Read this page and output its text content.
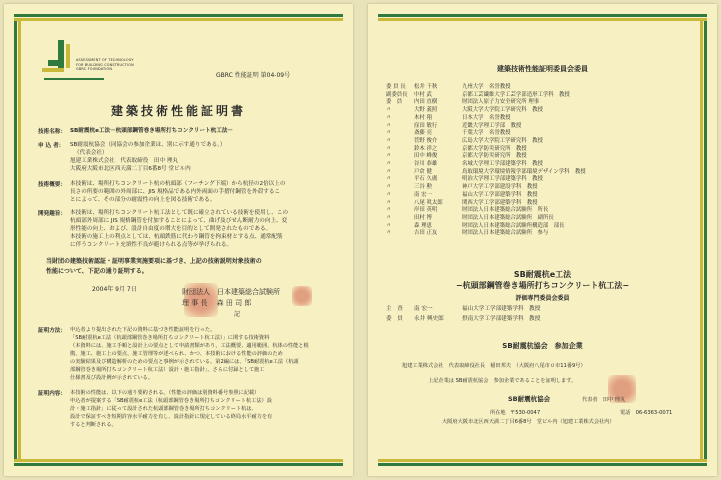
ASSESSMENT OF TECHNOLOGY
FOR BUILDING CONSTRUCTION
GBRC FOUNDATION
GBRC 性能証明 第04-09号
建築技術性能証明書
技術名称： SB耐震杭e工法－杭頭部鋼管巻き場所打ちコンクリート杭工法－
申 込 者： SB耐震杭協会（同協会の参加企業は、別に示す通りである。）
（代表会社）
旭建工業株式会社　代表取締役　田中 理丸
大阪府大阪市北区西天満二丁目6番8号 堂ビル内
技術概要： 本技術は、場所打ちコンクリート杭の杭頭部（フーチング下端）から杭径の2倍以上の
長さの所要の範囲の外周部に、JIS 規格品である内外両面の手摺付鋼管を外殻するこ
とによって、その部分の耐震性の向上を図る技術である。
開発趣旨： 本技術は、場所打ちコンクリート杭工法として既に確立されている技術を使用し、この
杭頭部外周部に JIS 規格鋼管を付加することによって、曲げ及びせん断耐力の向上、変
形性能の向上、および、設計自由度の増大を目的として開発されたものである。
本技術の施工上の利点としては、杭頭鉄筋に代わり鋼管を拘束材とする点、通常配筋
に伴うコンクリート充填性不良が避けられる点等が挙げられる。
当財団の建築技術認証・証明事業実施要項に基づき、上記の技術説明対象技術の
性能について、下記の通り証明する。
2004年 9月 7日	財団法人　日本建築総合試験所
理 事 長　 森 田 司 郎
記
証明方法： 申込者より提出された下記の資料に基づき性能証明を行った。
「SB耐震杭e工法（杭頭部鋼管巻き場所打ちコンクリート杭工法）」に関する技術資料
（本資料には、施工手順と設計上の要点として申請書類があり、工法概要、適用範囲、杭体の性能と根
拠、施工、施工上の要点、施工管理等が述べられ、かつ、本技術における性能の評価のため
の実験結果及び構造解析のための要点と事例が示されている。第2編には、「SB耐震杭e工法（杭頭
部鋼管巻き場所打ちコンクリート杭工法）設計・施工指針」、さらに付録として施工
仕様書及び設計例が示されている。
証明内容： 本技術の性能は、以下の通り要約される。（性能の評価は別資料番号参照に記載）
申込者が提案する「SB耐震杭e工法（杭頭部鋼管巻き場所打ちコンクリート杭工法）設
計・施工指針」に従って設計された杭頭部鋼管巻き場所打ちコンクリート杭は、
設計で保証すべき短期許容水平耐力を有し、設計指針に規定している終局水平耐力を有
すると判断される。
建築技術性能証明委員会委員
委 員 長 松井 千秋	九州大学　名誉教授
副委員長 中村 武	京都工芸繊維大学工芸学部造形工学科　教授
委　員 内田 直樹	財団法人原子力安全研究所 理事
〃	大野 義照	大阪大学大学院工学研究科　教授
〃	木村 翔	日本大学　名誉教授
〃	窪田 敏行	近畿大学理工学部　教授
〃	斎藤 亮	千葉大学　名誉教授
〃	菅野 俊介	広島大学大学院工学研究科　教授
〃	鈴木 祥之	京都大学防災研究所　教授
〃	田中 峰俊	京都大学防災研究所　教授
〃	谷川 恭雄	名城大学理工学部建築学科　教授
〃	戸倉 健	鳥取環境大学環境情報学部環境デザイン学科　教授
〃	平石 久廣	明治大学理工学部建築学科　教授
〃	三谷 勲	神戸大学工学部建設学科　教授
〃	南 宏一	福山大学工学部建築学科　教授
〃	八尾 眞太郎	関西大学工学部建築学科　教授
〃	岸田 英明	財団法人日本建築総合試験所　所長
〃	田村 博	財団法人日本建築総合試験所　副所長
〃	森 理恵	財団法人日本建築総合試験所構造部　部長
〃	吉田 正友	財団法人日本建築総合試験所　参与
SB耐震杭e工法
−杭頭部鋼管巻き場所打ちコンクリート杭工法−
評価専門委員会委員
主　査 南 宏一	福山大学工学部建築学科　教授
委　員 永井 興史郎	摂南大学工学部建築学科　教授
SB耐震杭協会　参加企業
旭建工業株式会社　代表取締役社長　稲田邦夫　（大阪府八尾市ロ市11番9号）
上記企業は SB耐震杭協会　参加企業であることを証明します。
SB耐震杭協会	代表者　田中 理丸
所在地 〒530-0047	電話　06-6363-0071
大阪府大阪市北区西天満二丁目6番8号　堂ビル内（旭建工業株式会社内）
